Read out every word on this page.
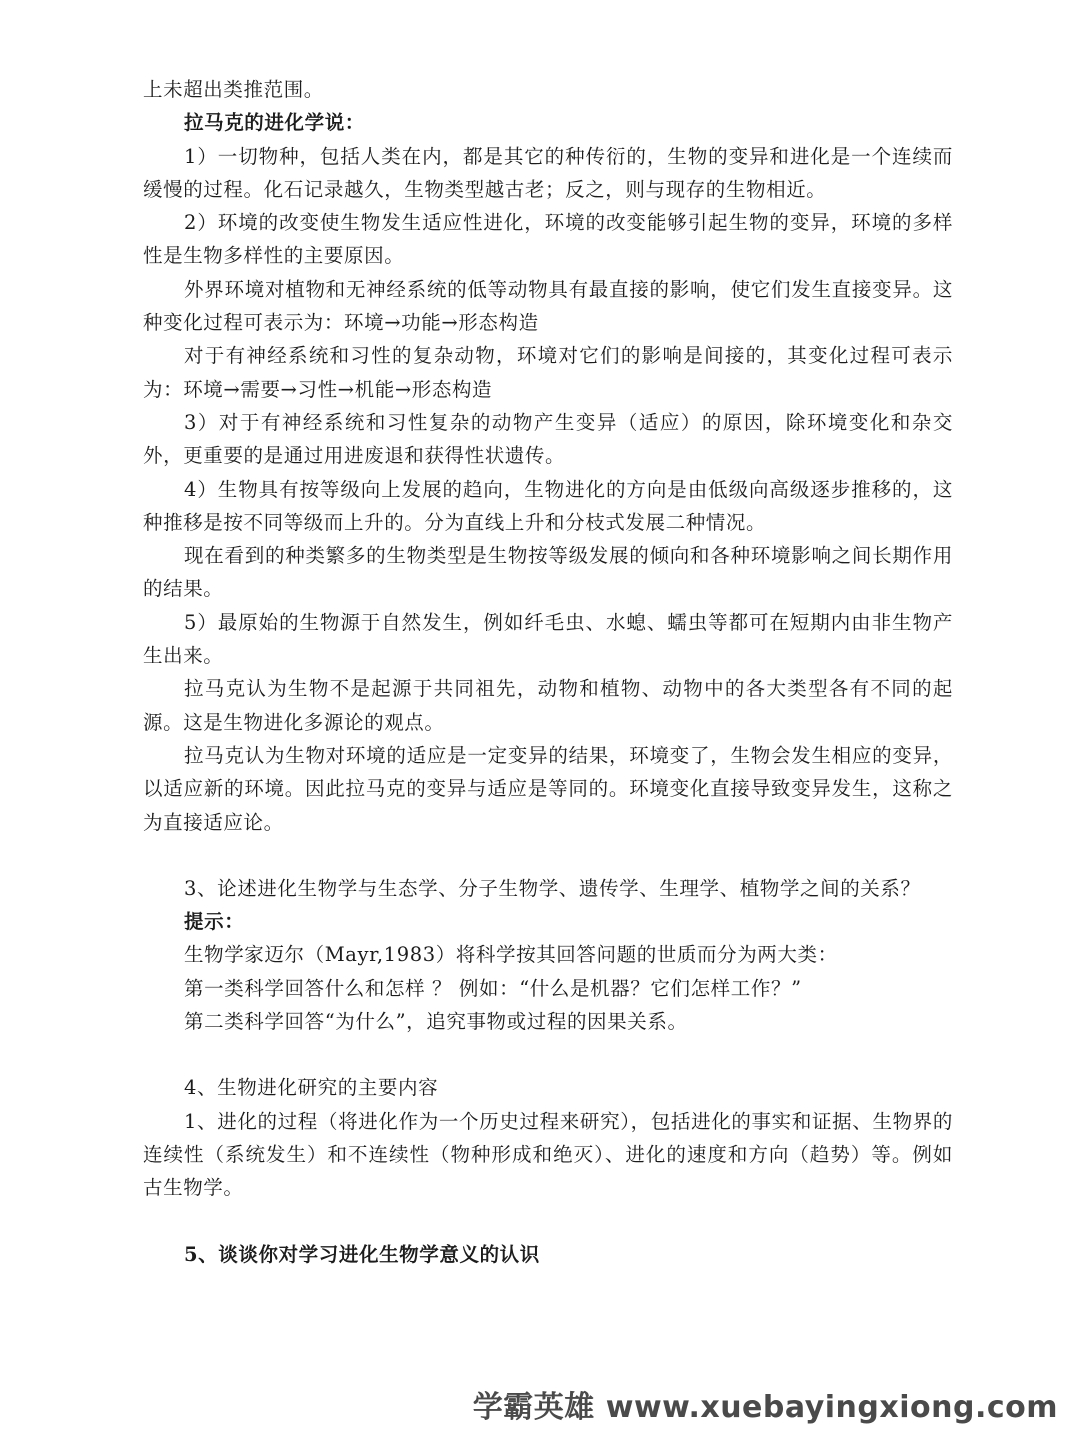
上未超出类推范围。

拉马克的进化学说：

1）一切物种，包括人类在内，都是其它的种传衍的，生物的变异和进化是一个连续而缓慢的过程。化石记录越久，生物类型越古老；反之，则与现存的生物相近。

2）环境的改变使生物发生适应性进化，环境的改变能够引起生物的变异，环境的多样性是生物多样性的主要原因。

外界环境对植物和无神经系统的低等动物具有最直接的影响，使它们发生直接变异。这种变化过程可表示为：环境→功能→形态构造

对于有神经系统和习性的复杂动物，环境对它们的影响是间接的，其变化过程可表示为：环境→需要→习性→机能→形态构造

3）对于有神经系统和习性复杂的动物产生变异（适应）的原因，除环境变化和杂交外，更重要的是通过用进废退和获得性状遗传。

4）生物具有按等级向上发展的趋向，生物进化的方向是由低级向高级逐步推移的，这种推移是按不同等级而上升的。分为直线上升和分枝式发展二种情况。

现在看到的种类繁多的生物类型是生物按等级发展的倾向和各种环境影响之间长期作用的结果。

5）最原始的生物源于自然发生，例如纤毛虫、水螅、蠕虫等都可在短期内由非生物产生出来。

拉马克认为生物不是起源于共同祖先，动物和植物、动物中的各大类型各有不同的起源。这是生物进化多源论的观点。

拉马克认为生物对环境的适应是一定变异的结果，环境变了，生物会发生相应的变异，以适应新的环境。因此拉马克的变异与适应是等同的。环境变化直接导致变异发生，这称之为直接适应论。

3、论述进化生物学与生态学、分子生物学、遗传学、生理学、植物学之间的关系？

提示：

生物学家迈尔（Mayr,1983）将科学按其回答问题的世质而分为两大类：

第一类科学回答什么和怎样 ？ 例如：“什么是机器？它们怎样工作？”

第二类科学回答“为什么”，追究事物或过程的因果关系。

4、生物进化研究的主要内容

1、进化的过程（将进化作为一个历史过程来研究），包括进化的事实和证据、生物界的连续性（系统发生）和不连续性（物种形成和绝灭）、进化的速度和方向（趋势）等。例如古生物学。

5、谈谈你对学习进化生物学意义的认识

学霸英雄 www.xuebayingxiong.com
